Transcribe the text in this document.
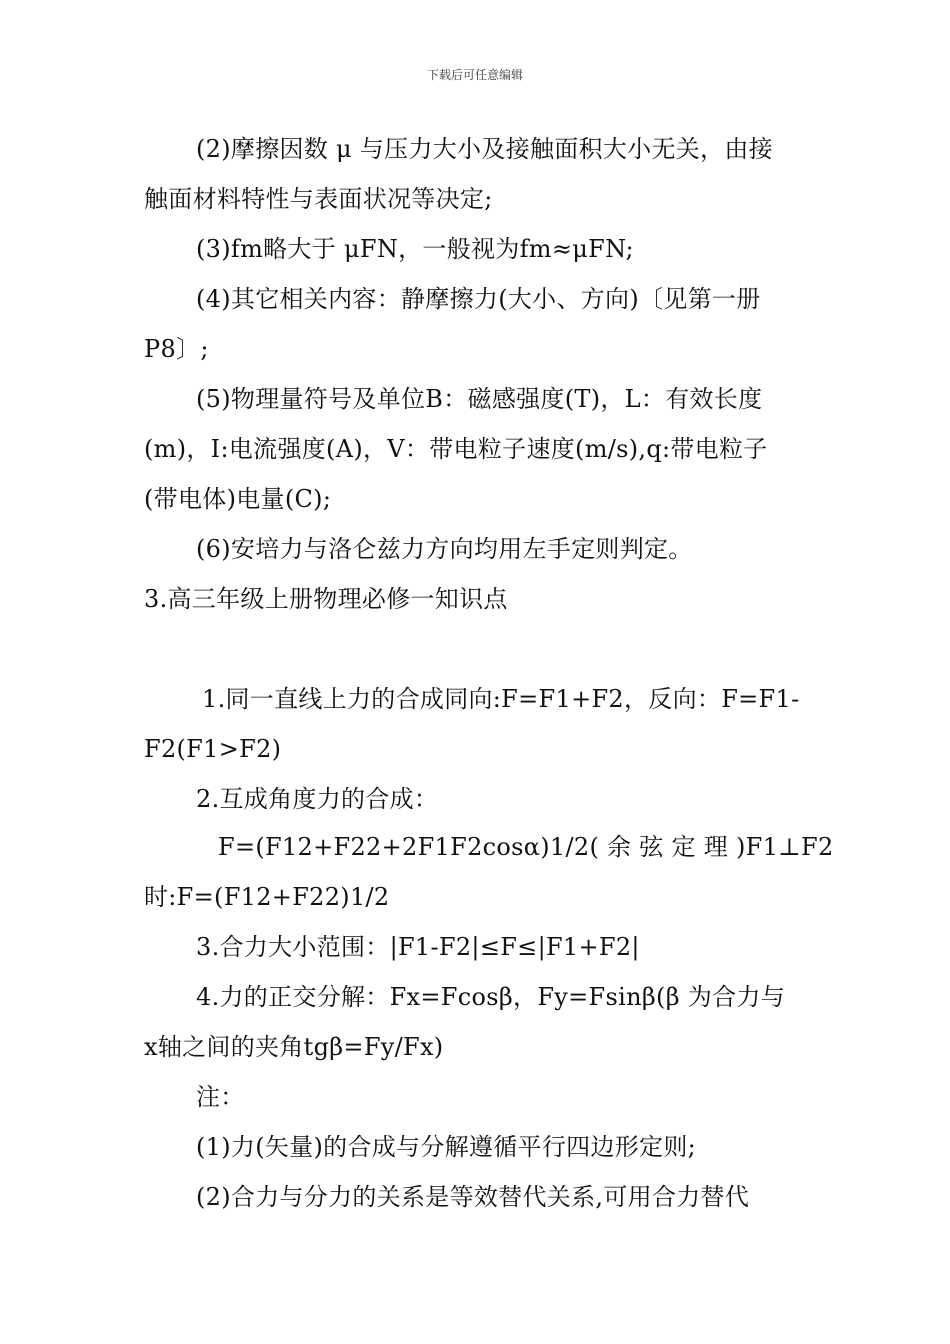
下载后可任意编辑
(2)摩擦因数 μ 与压力大小及接触面积大小无关，由接
触面材料特性与表面状况等决定;
(3)fm略大于 μFN，一般视为fm≈μFN;
(4)其它相关内容：静摩擦力(大小、方向)〔见第一册
P8〕;
(5)物理量符号及单位B：磁感强度(T)，L：有效长度
(m)，I:电流强度(A)，V：带电粒子速度(m/s),q:带电粒子
(带电体)电量(C);
(6)安培力与洛仑兹力方向均用左手定则判定。
3.高三年级上册物理必修一知识点
1.同一直线上力的合成同向:F=F1+F2，反向：F=F1-
F2(F1>F2)
2.互成角度力的合成：
F=(F12+F22+2F1F2cosα)1/2( 余 弦 定 理 )F1⊥F2
时:F=(F12+F22)1/2
3.合力大小范围：|F1-F2|≤F≤|F1+F2|
4.力的正交分解：Fx=Fcosβ，Fy=Fsinβ(β 为合力与
x轴之间的夹角tgβ=Fy/Fx)
注：
(1)力(矢量)的合成与分解遵循平行四边形定则;
(2)合力与分力的关系是等效替代关系,可用合力替代
